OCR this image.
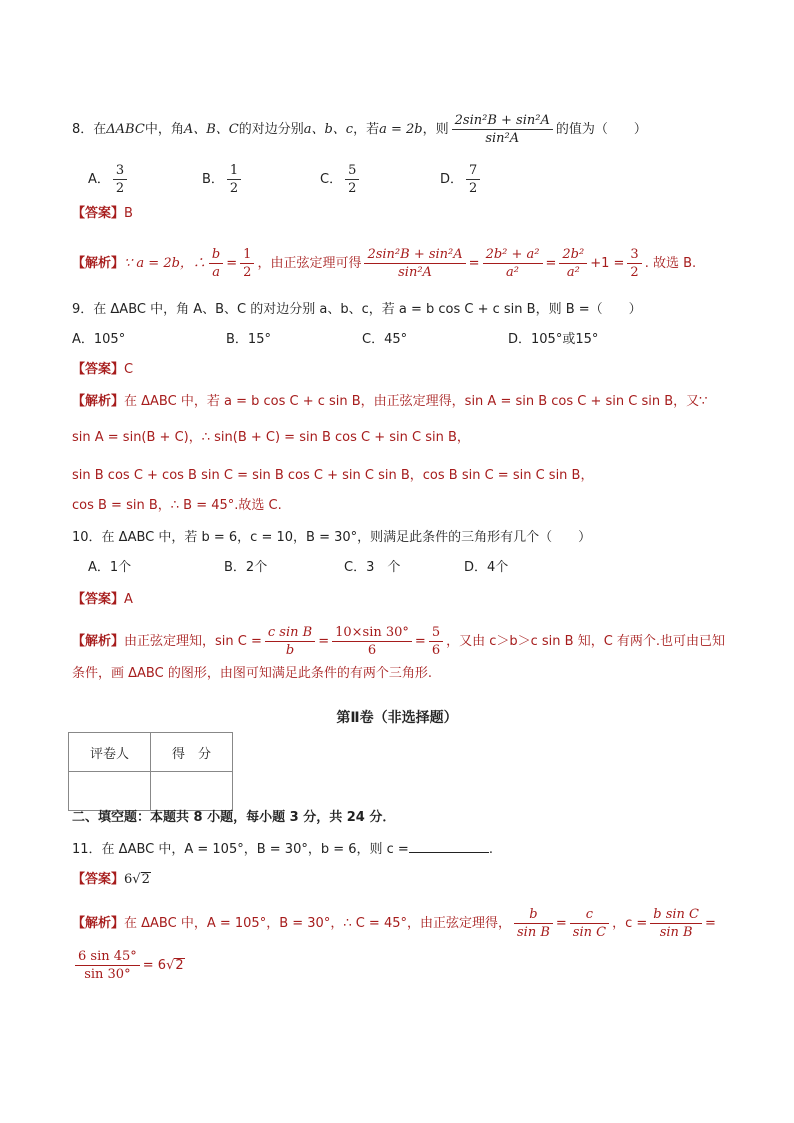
8．在ΔABC中，角A、B、C的对边分别a、b、c，若a = 2b，则 $\frac{\text{2sin²B + sin²A}}{\text{sin²A}}$ 的值为（　　）
A． $\frac{3}{2}$	B． $\frac{1}{2}$	C． $\frac{5}{2}$	D． $\frac{7}{2}$
【答案】B
【解析】∵ a = 2b，∴ $\frac{b}{a} = \frac{1}{2}$ ，由正弦定理可得 $\frac{\text{2sin²B + sin²A}}{\text{sin²A}} = \frac{\text{2b² + a²}}{\text{a²}} = \frac{\text{2b²}}{\text{a²}} +1 = \frac{3}{2}$ . 故选 B.
9．在 ΔABC 中，角 A、B、C 的对边分别 a、b、c，若 a = b cos C + c sin B，则 B =（　　）
A．105°	B．15°	C．45°	D．105°或15°
【答案】C
【解析】在 ΔABC 中，若 a = b cos C + c sin B，由正弦定理得，sin A = sin B cos C + sin C sin B，又∵
sin A = sin(B + C)，∴ sin(B + C) = sin B cos C + sin C sin B，
sin B cos C + cos B sin C = sin B cos C + sin C sin B，cos B sin C = sin C sin B，
cos B = sin B，∴ B = 45°.故选 C.
10．在 ΔABC 中，若 b = 6，c = 10，B = 30°，则满足此条件的三角形有几个（　　）
A．1个	B．2个	C．3　个	D．4个
【答案】A
【解析】由正弦定理知，$\sin C = \frac{\text{c sin B}}{b} = \frac{10\times\sin 30^\circ}{6} = \frac{5}{6}$ ，又由 c＞b＞c sin B 知，C 有两个.也可由已知
条件，画 ΔABC 的图形，由图可知满足此条件的有两个三角形.
第Ⅱ卷（非选择题）
评卷人	得　分

二、填空题：本题共 8 小题，每小题 3 分，共 24 分．
11．在 ΔABC 中，A = 105°，B = 30°，b = 6，则 c =	.
【答案】6√2
【解析】在 ΔABC 中，A = 105°，B = 30°，∴ C = 45°，由正弦定理得， $\frac{b}{\text{sin B}} = \frac{c}{\text{sin C}}$ ，$c = \frac{\text{b sin C}}{\text{sin B}}$ =
$\frac{6 \sin 45^\circ}{\sin 30^\circ} = 6√2$
